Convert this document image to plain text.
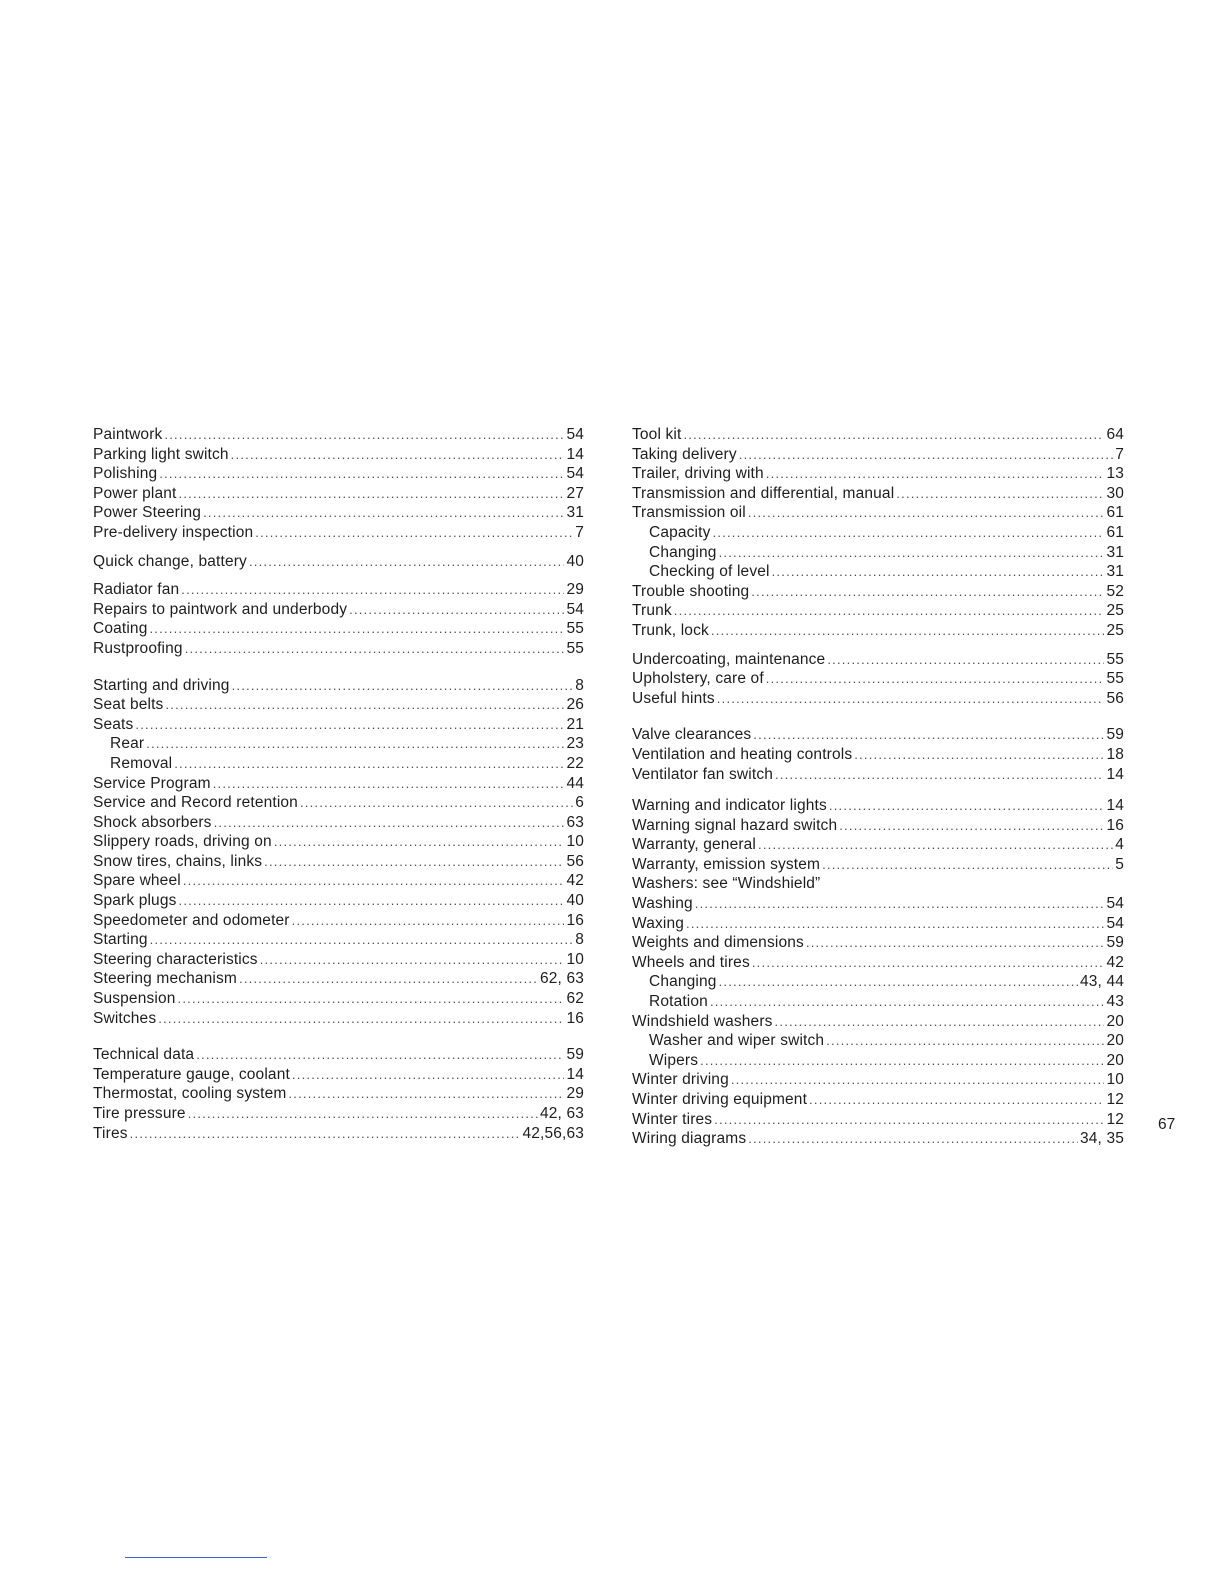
Paintwork . . .	54
Parking light switch . . .	14
Polishing . . .	54
Power plant . . .	27
Power Steering . . .	31
Pre-delivery inspection . . .	7
Quick change, battery . . .	40
Radiator fan . . .	29
Repairs to paintwork and underbody . . .	54
Coating . . .	55
Rustproofing . . .	55
Starting and driving . . .	8
Seat belts . . .	26
Seats . . .	21
Rear . . .	23
Removal . . .	22
Service Program . . .	44
Service and Record retention . . .	6
Shock absorbers . . .	63
Slippery roads, driving on . . .	10
Snow tires, chains, links . . .	56
Spare wheel . . .	42
Spark plugs . . .	40
Speedometer and odometer . . .	16
Starting . . .	8
Steering characteristics . . .	10
Steering mechanism . . .	62, 63
Suspension . . .	62
Switches . . .	16
Technical data . . .	59
Temperature gauge, coolant . . .	14
Thermostat, cooling system . . .	29
Tire pressure . . .	42, 63
Tires . . .	42,56,63
Tool kit . . .	64
Taking delivery . . .	7
Trailer, driving with . . .	13
Transmission and differential, manual . . .	30
Transmission oil . . .	61
Capacity . . .	61
Changing . . .	31
Checking of level . . .	31
Trouble shooting . . .	52
Trunk . . .	25
Trunk, lock . . .	25
Undercoating, maintenance . . .	55
Upholstery, care of . . .	55
Useful hints . . .	56
Valve clearances . . .	59
Ventilation and heating controls . . .	18
Ventilator fan switch . . .	14
Warning and indicator lights . . .	14
Warning signal hazard switch . . .	16
Warranty, general . . .	4
Warranty, emission system . . .	5
Washers: see “Windshield”
Washing . . .	54
Waxing . . .	54
Weights and dimensions . . .	59
Wheels and tires . . .	42
Changing . . .	43, 44
Rotation . . .	43
Windshield washers . . .	20
Washer and wiper switch . . .	20
Wipers . . .	20
Winter driving . . .	10
Winter driving equipment . . .	12
Winter tires . . .	12
Wiring diagrams . . .	34, 35
67
